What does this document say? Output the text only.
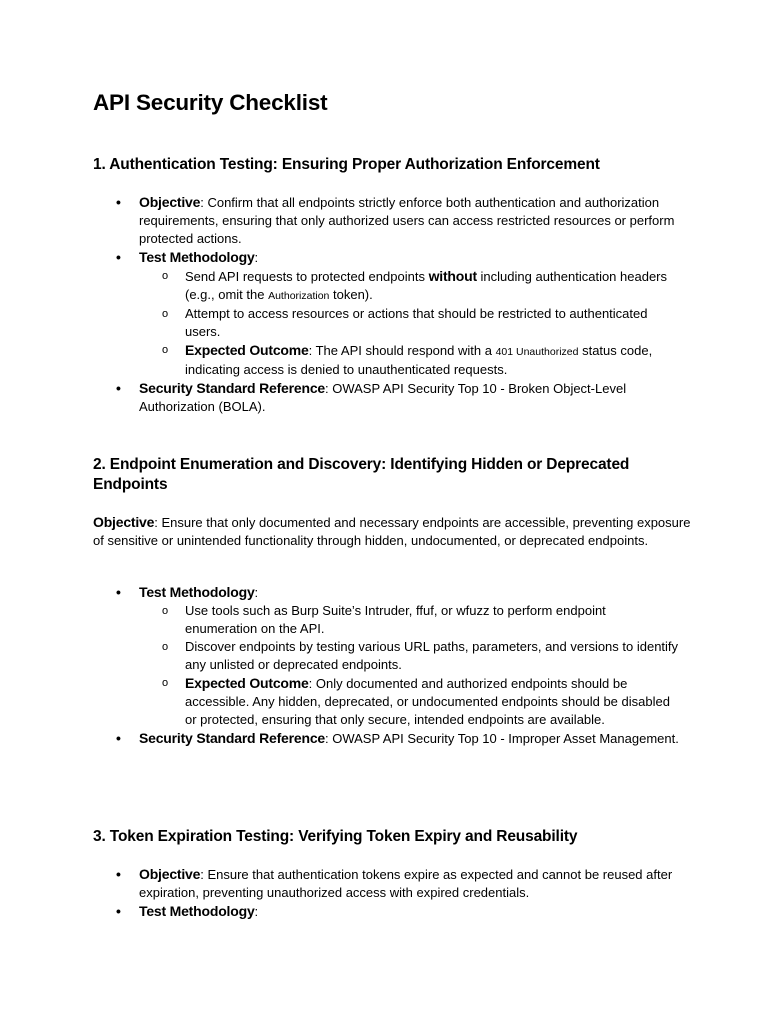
API Security Checklist
1. Authentication Testing: Ensuring Proper Authorization Enforcement
• Objective: Confirm that all endpoints strictly enforce both authentication and authorization requirements, ensuring that only authorized users can access restricted resources or perform protected actions.
• Test Methodology:
o Send API requests to protected endpoints without including authentication headers (e.g., omit the Authorization token).
o Attempt to access resources or actions that should be restricted to authenticated users.
o Expected Outcome: The API should respond with a 401 Unauthorized status code, indicating access is denied to unauthenticated requests.
• Security Standard Reference: OWASP API Security Top 10 - Broken Object-Level Authorization (BOLA).
2. Endpoint Enumeration and Discovery: Identifying Hidden or Deprecated Endpoints

Objective: Ensure that only documented and necessary endpoints are accessible, preventing exposure of sensitive or unintended functionality through hidden, undocumented, or deprecated endpoints.

• Test Methodology:
o Use tools such as Burp Suite’s Intruder, ffuf, or wfuzz to perform endpoint enumeration on the API.
o Discover endpoints by testing various URL paths, parameters, and versions to identify any unlisted or deprecated endpoints.
o Expected Outcome: Only documented and authorized endpoints should be accessible. Any hidden, deprecated, or undocumented endpoints should be disabled or protected, ensuring that only secure, intended endpoints are available.
• Security Standard Reference: OWASP API Security Top 10 - Improper Asset Management.
3. Token Expiration Testing: Verifying Token Expiry and Reusability
• Objective: Ensure that authentication tokens expire as expected and cannot be reused after expiration, preventing unauthorized access with expired credentials.
• Test Methodology:
